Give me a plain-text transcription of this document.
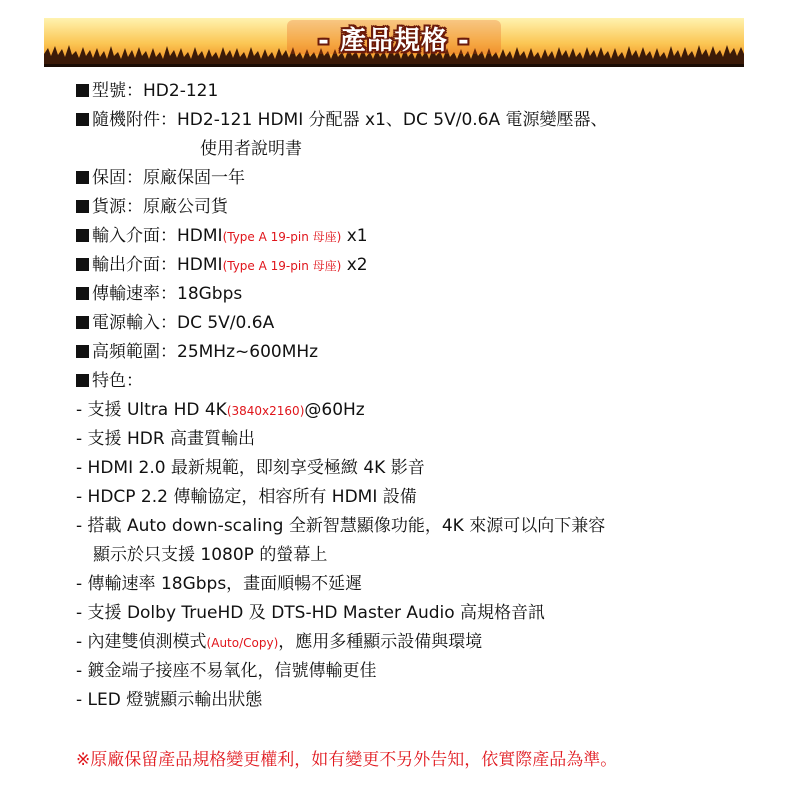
- 產品規格 -
型號：HD2-121
隨機附件：HD2-121 HDMI 分配器 x1、DC 5V/0.6A 電源變壓器、
使用者說明書
保固：原廠保固一年
貨源：原廠公司貨
輸入介面：HDMI(Type A 19-pin 母座) x1
輸出介面：HDMI(Type A 19-pin 母座) x2
傳輸速率：18Gbps
電源輸入：DC 5V/0.6A
高頻範圍：25MHz~600MHz
特色：
- 支援 Ultra HD 4K(3840x2160)@60Hz
- 支援 HDR 高畫質輸出
- HDMI 2.0 最新規範，即刻享受極緻 4K 影音
- HDCP 2.2 傳輸協定，相容所有 HDMI 設備
- 搭載 Auto down-scaling 全新智慧顯像功能，4K 來源可以向下兼容
顯示於只支援 1080P 的螢幕上
- 傳輸速率 18Gbps，畫面順暢不延遲
- 支援 Dolby TrueHD 及 DTS-HD Master Audio 高規格音訊
- 內建雙偵測模式(Auto/Copy)，應用多種顯示設備與環境
- 鍍金端子接座不易氧化，信號傳輸更佳
- LED 燈號顯示輸出狀態
※原廠保留產品規格變更權利，如有變更不另外告知，依實際產品為準。
